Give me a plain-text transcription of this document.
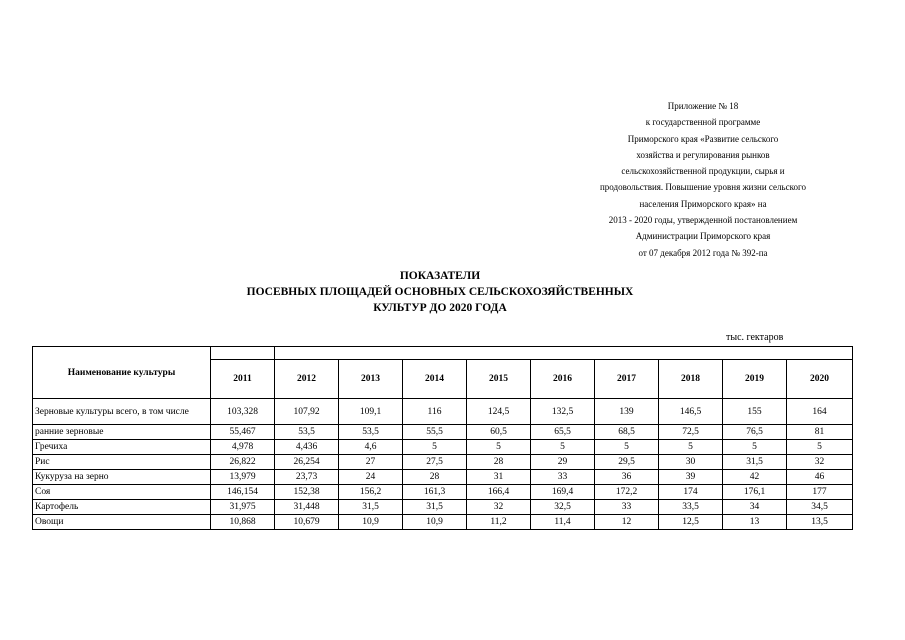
Приложение № 18
к государственной программе
Приморского края «Развитие сельского
хозяйства и регулирования рынков
сельскохозяйственной продукции, сырья и
продовольствия. Повышение уровня жизни сельского
населения Приморского края» на
2013 - 2020 годы, утвержденной постановлением
Администрации Приморского края
от 07 декабря 2012 года № 392-па
ПОКАЗАТЕЛИ
ПОСЕВНЫХ ПЛОЩАДЕЙ ОСНОВНЫХ СЕЛЬСКОХОЗЯЙСТВЕННЫХ
КУЛЬТУР ДО 2020 ГОДА
тыс. гектаров
Наименование культуры										
	2011	2012	2013	2014	2015	2016	2017	2018	2019	2020
Зерновые культуры всего, в том числе	103,328	107,92	109,1	116	124,5	132,5	139	146,5	155	164
ранние зерновые	55,467	53,5	53,5	55,5	60,5	65,5	68,5	72,5	76,5	81
Гречиха	4,978	4,436	4,6	5	5	5	5	5	5	5
Рис	26,822	26,254	27	27,5	28	29	29,5	30	31,5	32
Кукуруза на зерно	13,979	23,73	24	28	31	33	36	39	42	46
Соя	146,154	152,38	156,2	161,3	166,4	169,4	172,2	174	176,1	177
Картофель	31,975	31,448	31,5	31,5	32	32,5	33	33,5	34	34,5
Овощи	10,868	10,679	10,9	10,9	11,2	11,4	12	12,5	13	13,5
